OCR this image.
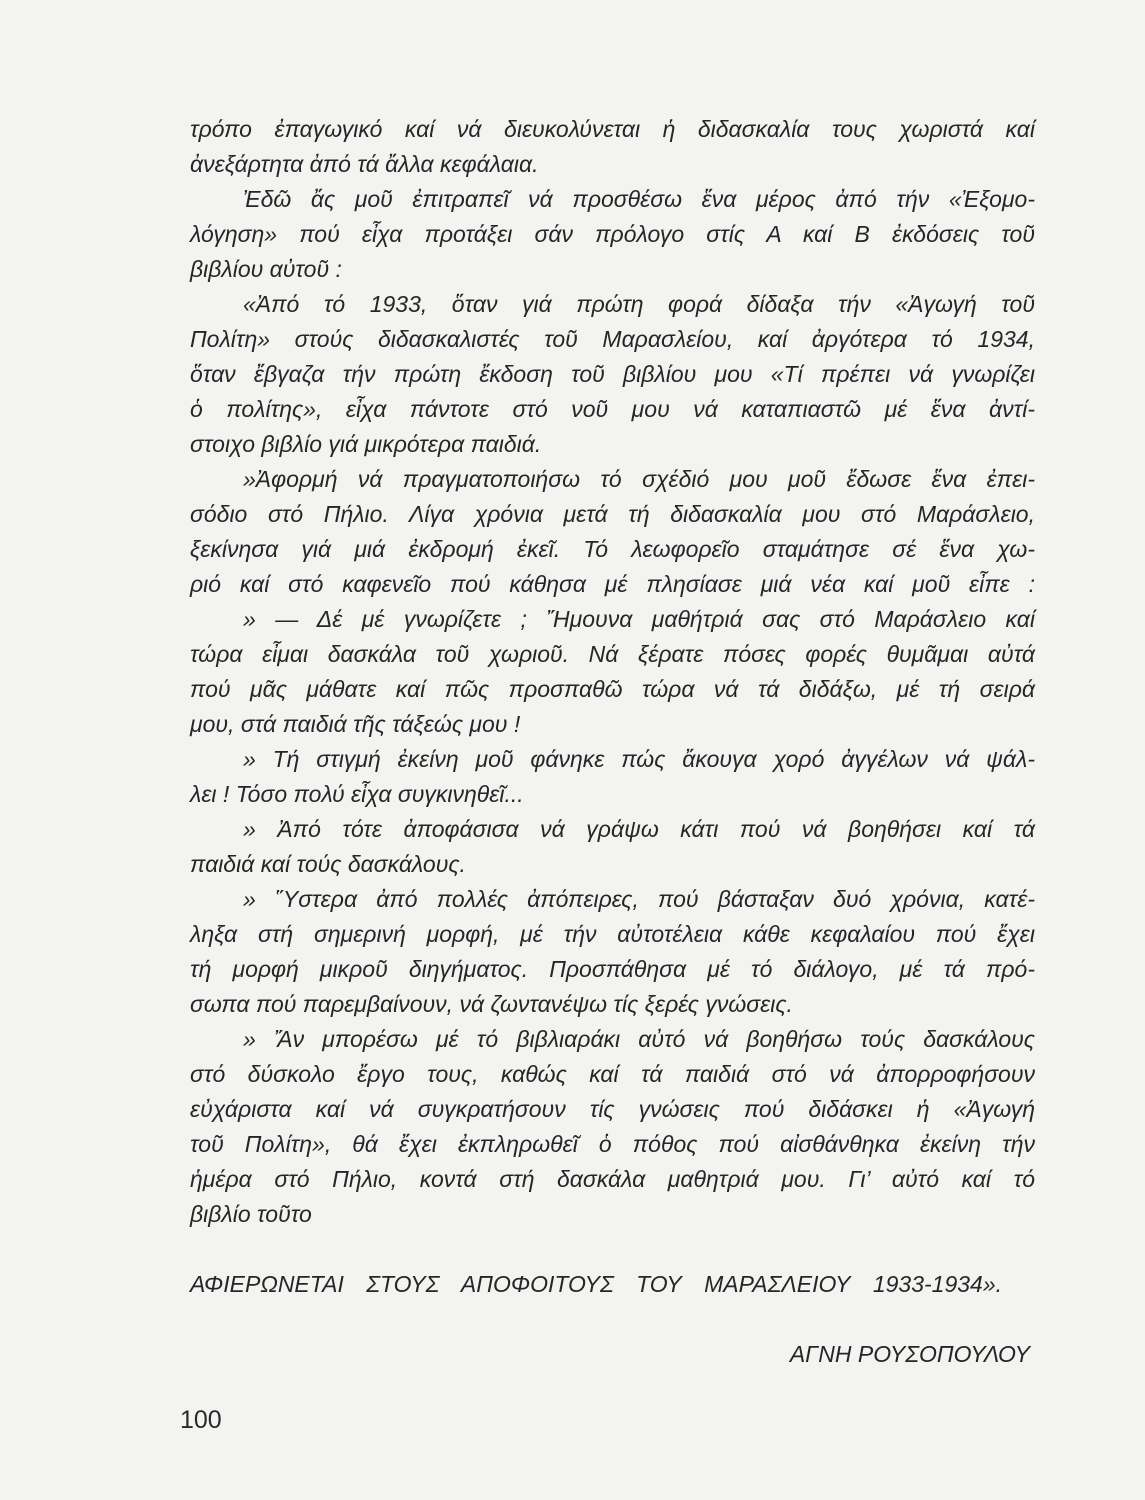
τρόπο ἐπαγωγικό καί νά διευκολύνεται ἡ διδασκαλία τους χωριστά καί
ἀνεξάρτητα ἀπό τά ἄλλα κεφάλαια.
Ἐδῶ ἄς μοῦ ἐπιτραπεῖ νά προσθέσω ἕνα μέρος ἀπό τήν «Ἐξομο-
λόγηση» πού εἶχα προτάξει σάν πρόλογο στίς Α καί Β ἐκδόσεις τοῦ
βιβλίου αὐτοῦ :
«Ἀπό τό 1933, ὅταν γιά πρώτη φορά δίδαξα τήν «Ἀγωγή τοῦ
Πολίτη» στούς διδασκαλιστές τοῦ Μαρασλείου, καί ἀργότερα τό 1934,
ὅταν ἔβγαζα τήν πρώτη ἔκδοση τοῦ βιβλίου μου «Τί πρέπει νά γνωρίζει
ὁ πολίτης», εἶχα πάντοτε στό νοῦ μου νά καταπιαστῶ μέ ἕνα ἀντί-
στοιχο βιβλίο γιά μικρότερα παιδιά.
»Ἀφορμή νά πραγματοποιήσω τό σχέδιό μου μοῦ ἔδωσε ἕνα ἐπει-
σόδιο στό Πήλιο. Λίγα χρόνια μετά τή διδασκαλία μου στό Μαράσλειο,
ξεκίνησα γιά μιά ἐκδρομή ἐκεῖ. Τό λεωφορεῖο σταμάτησε σέ ἕνα χω-
ριό καί στό καφενεῖο πού κάθησα μέ πλησίασε μιά νέα καί μοῦ εἶπε :
» — Δέ μέ γνωρίζετε ; Ἤμουνα μαθήτριά σας στό Μαράσλειο καί
τώρα εἶμαι δασκάλα τοῦ χωριοῦ. Νά ξέρατε πόσες φορές θυμᾶμαι αὐτά
πού μᾶς μάθατε καί πῶς προσπαθῶ τώρα νά τά διδάξω, μέ τή σειρά
μου, στά παιδιά τῆς τάξεώς μου !
» Τή στιγμή ἐκείνη μοῦ φάνηκε πώς ἄκουγα χορό ἀγγέλων νά ψάλ-
λει ! Τόσο πολύ εἶχα συγκινηθεῖ...
» Ἀπό τότε ἀποφάσισα νά γράψω κάτι πού νά βοηθήσει καί τά
παιδιά καί τούς δασκάλους.
» Ὕστερα ἀπό πολλές ἀπόπειρες, πού βάσταξαν δυό χρόνια, κατέ-
ληξα στή σημερινή μορφή, μέ τήν αὐτοτέλεια κάθε κεφαλαίου πού ἔχει
τή μορφή μικροῦ διηγήματος. Προσπάθησα μέ τό διάλογο, μέ τά πρό-
σωπα πού παρεμβαίνουν, νά ζωντανέψω τίς ξερές γνώσεις.
» Ἄν μπορέσω μέ τό βιβλιαράκι αὐτό νά βοηθήσω τούς δασκάλους
στό δύσκολο ἔργο τους, καθώς καί τά παιδιά στό νά ἀπορροφήσουν
εὐχάριστα καί νά συγκρατήσουν τίς γνώσεις πού διδάσκει ἡ «Ἀγωγή
τοῦ Πολίτη», θά ἔχει ἐκπληρωθεῖ ὁ πόθος πού αἰσθάνθηκα ἐκείνη τήν
ἡμέρα στό Πήλιο, κοντά στή δασκάλα μαθητριά μου. Γι’ αὐτό καί τό
βιβλίο τοῦτο
ΑΦΙΕΡΩΝΕΤΑΙ ΣΤΟΥΣ ΑΠΟΦΟΙΤΟΥΣ ΤΟΥ ΜΑΡΑΣΛΕΙΟΥ 1933-1934».
ΑΓΝΗ ΡΟΥΣΟΠΟΥΛΟΥ
100
